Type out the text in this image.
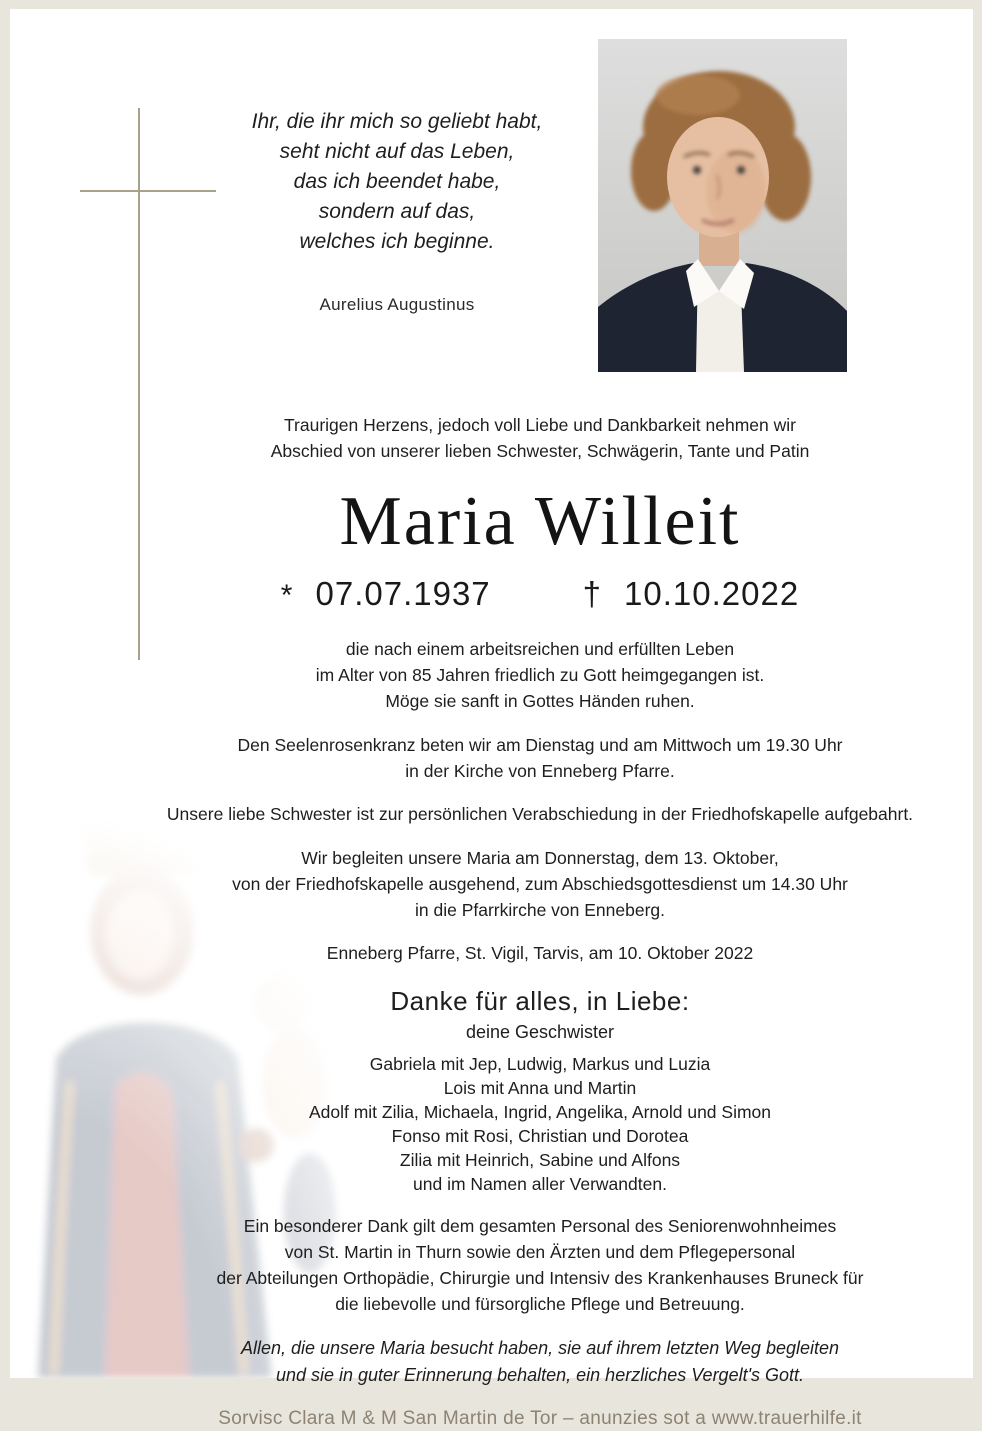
Ihr, die ihr mich so geliebt habt,
seht nicht auf das Leben,
das ich beendet habe,
sondern auf das,
welches ich beginne.
Aurelius Augustinus

Traurigen Herzens, jedoch voll Liebe und Dankbarkeit nehmen wir
Abschied von unserer lieben Schwester, Schwägerin, Tante und Patin

Maria Willeit
* 07.07.1937	† 10.10.2022

die nach einem arbeitsreichen und erfüllten Leben
im Alter von 85 Jahren friedlich zu Gott heimgegangen ist.
Möge sie sanft in Gottes Händen ruhen.

Den Seelenrosenkranz beten wir am Dienstag und am Mittwoch um 19.30 Uhr
in der Kirche von Enneberg Pfarre.

Unsere liebe Schwester ist zur persönlichen Verabschiedung in der Friedhofskapelle aufgebahrt.

Wir begleiten unsere Maria am Donnerstag, dem 13. Oktober,
von der Friedhofskapelle ausgehend, zum Abschiedsgottesdienst um 14.30 Uhr
in die Pfarrkirche von Enneberg.

Enneberg Pfarre, St. Vigil, Tarvis, am 10. Oktober 2022

Danke für alles, in Liebe:
deine Geschwister

Gabriela mit Jep, Ludwig, Markus und Luzia
Lois mit Anna und Martin
Adolf mit Zilia, Michaela, Ingrid, Angelika, Arnold und Simon
Fonso mit Rosi, Christian und Dorotea
Zilia mit Heinrich, Sabine und Alfons
und im Namen aller Verwandten.

Ein besonderer Dank gilt dem gesamten Personal des Seniorenwohnheimes
von St. Martin in Thurn sowie den Ärzten und dem Pflegepersonal
der Abteilungen Orthopädie, Chirurgie und Intensiv des Krankenhauses Bruneck für
die liebevolle und fürsorgliche Pflege und Betreuung.

Allen, die unsere Maria besucht haben, sie auf ihrem letzten Weg begleiten
und sie in guter Erinnerung behalten, ein herzliches Vergelt's Gott.

Sorvisc Clara M & M San Martin de Tor – anunzies sot a www.trauerhilfe.it
